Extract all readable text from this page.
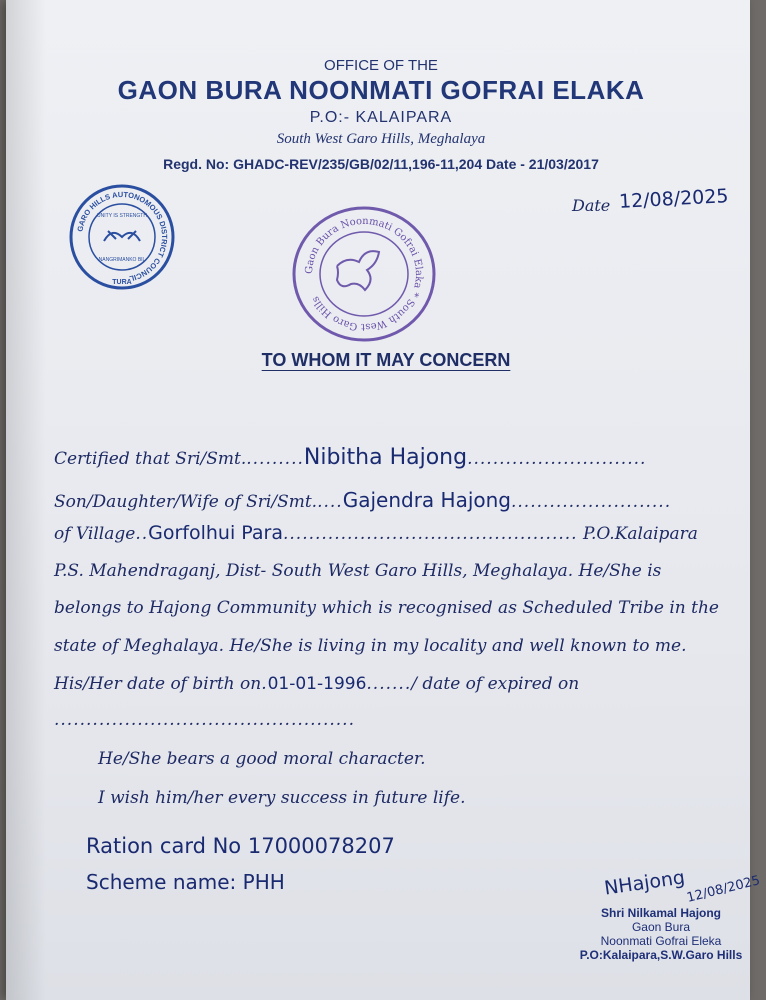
OFFICE OF THE
GAON BURA NOONMATI GOFRAI ELAKA
P.O:- KALAIPARA
South West Garo Hills, Meghalaya
Regd. No: GHADC-REV/235/GB/02/11,196-11,204 Date - 21/03/2017
Date 12/08/2025
GARO HILLS AUTONOMOUS DISTRICT COUNCIL
UNITY IS STRENGTH
NANGRIMANKO BIL
TURA
Gaon Bura Noonmati Gofrai Elaka * South West Garo Hills
TO WHOM IT MAY CONCERN
Certified that Sri/Smt..........Nibitha Hajong............................
Son/Daughter/Wife of Sri/Smt.....Gajendra Hajong.........................
of Village..Gorfolhui Para.............................................. P.O.Kalaipara
P.S. Mahendraganj, Dist- South West Garo Hills, Meghalaya. He/She is
belongs to Hajong Community which is recognised as Scheduled Tribe in the
state of Meghalaya. He/She is living in my locality and well known to me.
His/Her date of birth on.01-01-1996......./ date of expired on
...............................................
He/She bears a good moral character.
I wish him/her every success in future life.
Ration card No 17000078207
Scheme name: PHH	NHajong 12/08/2025
Shri Nilkamal Hajong
Gaon Bura
Noonmati Gofrai Eleka
P.O:Kalaipara,S.W.Garo Hills
